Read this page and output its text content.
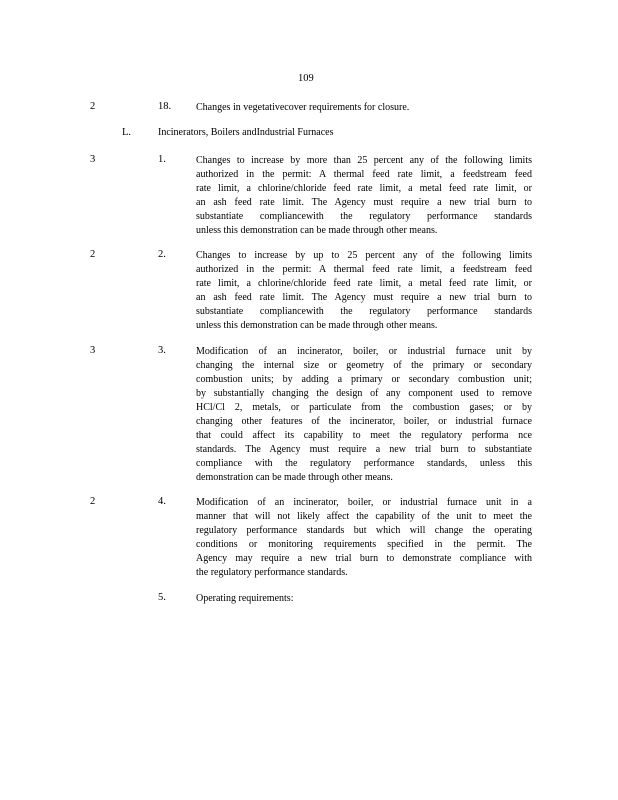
109
2	18. Changes in vegetativecover requirements for closure.
L.	Incinerators, Boilers andIndustrial Furnaces
3	1.	Changes to increase by more than 25 percent any of the following limits
authorized in the permit: A thermal feed rate limit, a feedstream feed
rate limit, a chlorine/chloride feed rate limit, a metal feed rate limit, or
an ash feed rate limit. The Agency must require a new trial burn to
substantiate compliancewith the regulatory performance standards
unless this demonstration can be made through other means.
2	2.	Changes to increase by up to 25 percent any of the following limits
authorized in the permit: A thermal feed rate limit, a feedstream feed
rate limit, a chlorine/chloride feed rate limit, a metal feed rate limit, or
an ash feed rate limit. The Agency must require a new trial burn to
substantiate compliancewith the regulatory performance standards
unless this demonstration can be made through other means.
3	3.	Modification of an incinerator, boiler, or industrial furnace unit by
changing the internal size or geometry of the primary or secondary
combustion units; by adding a primary or secondary combustion unit;
by substantially changing the design of any component used to remove
HCl/Cl 2, metals, or particulate from the combustion gases; or by
changing other features of the incinerator, boiler, or industrial furnace
that could affect its capability to meet the regulatory performa nce
standards. The Agency must require a new trial burn to substantiate
compliance with the regulatory performance standards, unless this
demonstration can be made through other means.
2	4.	Modification of an incinerator, boiler, or industrial furnace unit in a
manner that will not likely affect the capability of the unit to meet the
regulatory performance standards but which will change the operating
conditions or monitoring requirements specified in the permit. The
Agency may require a new trial burn to demonstrate compliance with
the regulatory performance standards.
5.	Operating requirements:
